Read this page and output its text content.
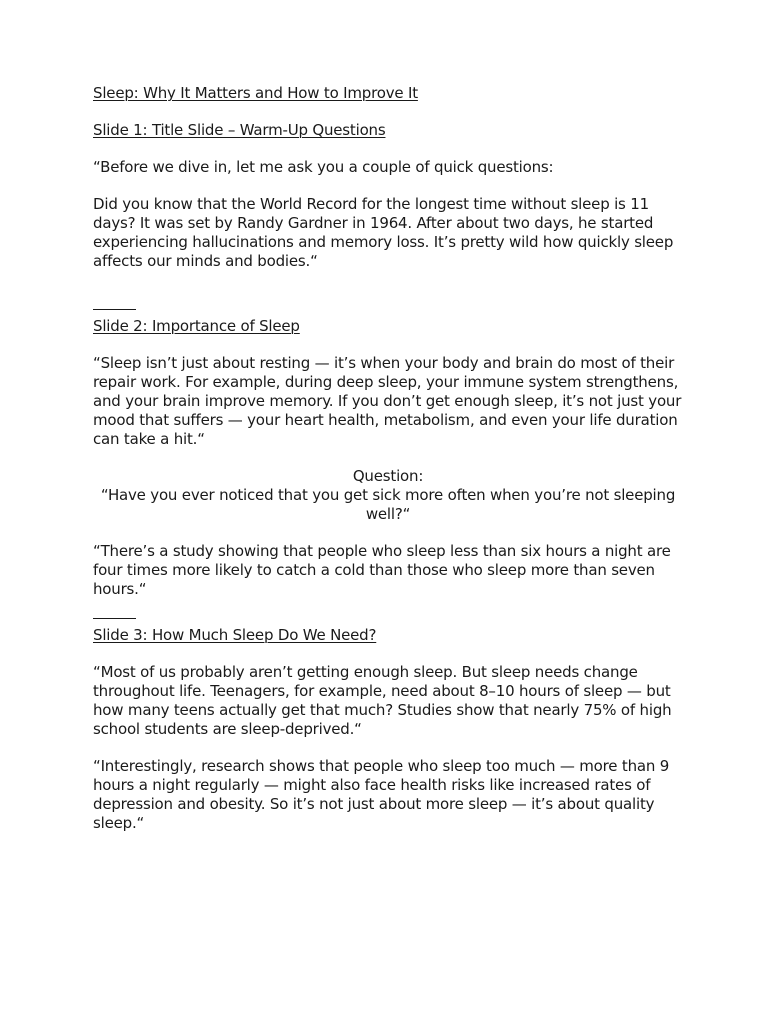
Sleep: Why It Matters and How to Improve It

Slide 1: Title Slide – Warm-Up Questions

“Before we dive in, let me ask you a couple of quick questions:

Did you know that the World Record for the longest time without sleep is 11 days? It was set by Randy Gardner in 1964. After about two days, he started experiencing hallucinations and memory loss. It’s pretty wild how quickly sleep affects our minds and bodies.“

Slide 2: Importance of Sleep

“Sleep isn’t just about resting — it’s when your body and brain do most of their repair work. For example, during deep sleep, your immune system strengthens, and your brain improve memory. If you don’t get enough sleep, it’s not just your mood that suffers — your heart health, metabolism, and even your life duration can take a hit.“

Question:

“Have you ever noticed that you get sick more often when you’re not sleeping well?“

“There’s a study showing that people who sleep less than six hours a night are four times more likely to catch a cold than those who sleep more than seven hours.“

Slide 3: How Much Sleep Do We Need?

“Most of us probably aren’t getting enough sleep. But sleep needs change throughout life. Teenagers, for example, need about 8–10 hours of sleep — but how many teens actually get that much? Studies show that nearly 75% of high school students are sleep-deprived.“

“Interestingly, research shows that people who sleep too much — more than 9 hours a night regularly — might also face health risks like increased rates of depression and obesity. So it’s not just about more sleep — it’s about quality sleep.“
